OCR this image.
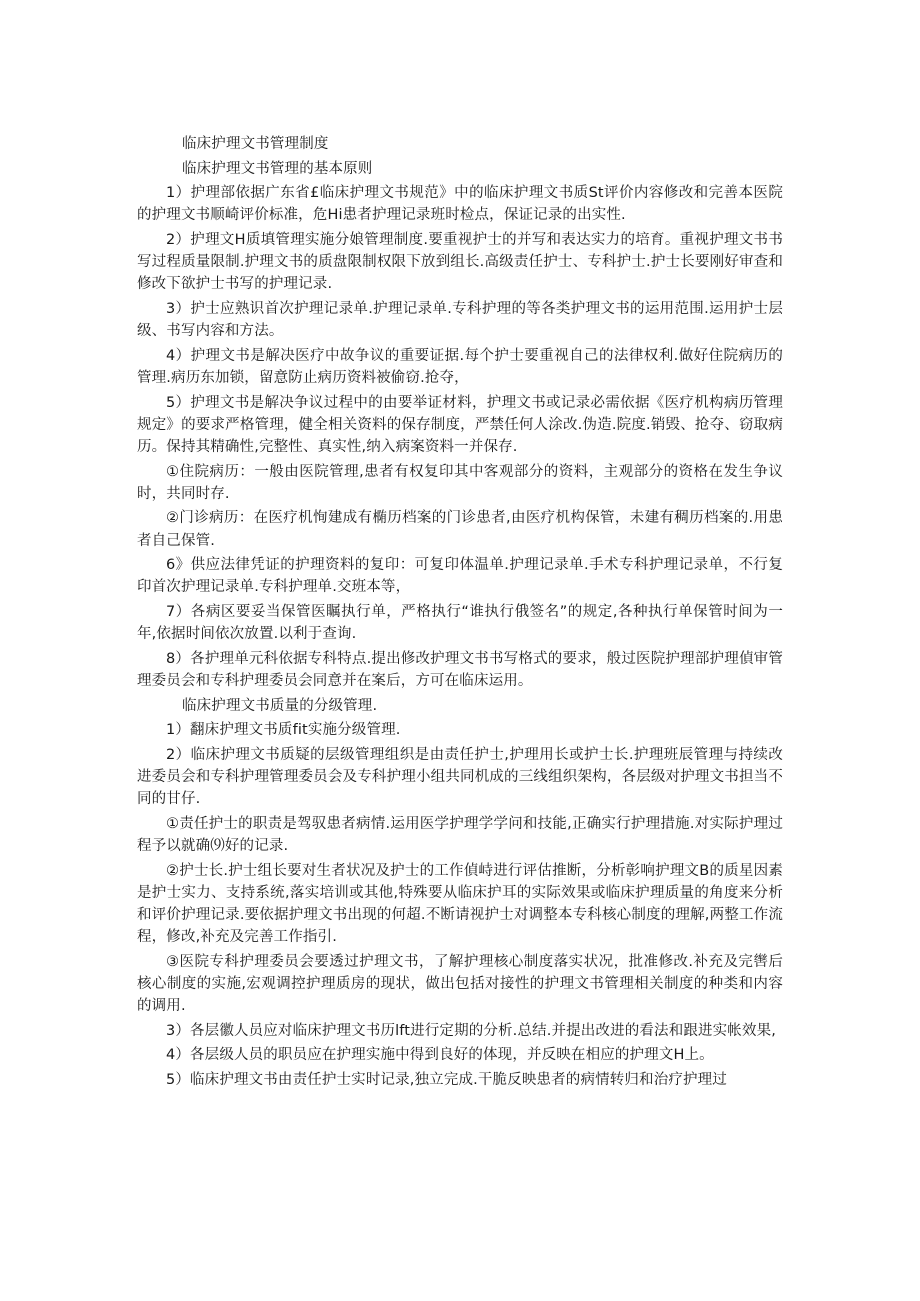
临床护理文书管理制度

临床护理文书管理的基本原则

1）护理部依据广东省£临床护理文书规范》中的临床护理文书质St评价内容修改和完善本医院的护理文书顺崎评价标准，危Hi患者护理记录班时检点，保证记录的出实性.

2）护理文H质填管理实施分娘管理制度.要重视护士的并写和表达实力的培育。重视护理文书书写过程质量限制.护理文书的质盘限制权限下放到组长.高级责任护士、专科护士.护士长要刚好审查和修改下欲护士书写的护理记录.

3）护士应熟识首次护理记录单.护理记录单.专科护理的等各类护理文书的运用范围.运用护士层级、书写内容和方法。

4）护理文书是解决医疗中故争议的重要证据.每个护士要重视自己的法律权利.做好住院病历的管理.病历东加锁，留意防止病历资料被偷窃.抢夺，

5）护理文书是解决争议过程中的由要举证材料，护理文书或记录必需依据《医疗机构病历管理规定》的要求严格管理，健全相关资料的保存制度，严禁任何人涂改.伪造.院度.销毁、抢夺、窃取病历。保持其精确性,完整性、真实性,纳入病案资料一并保存.

①住院病历：一般由医院管理,患者有权复印其中客观部分的资料，主观部分的资格在发生争议时，共同时存.

②门诊病历：在医疗机恂建成有椭历档案的门诊患者,由医疗机构保管，未建有稠历档案的.用患者自己保管.

6》供应法律凭证的护理资料的复印：可复印体温单.护理记录单.手术专科护理记录单，不行复印首次护理记录单.专科护理单.交班本等，

7）各病区要妥当保管医瞩执行单，严格执行“谁执行俄签名”的规定,各种执行单保管时间为一年,依据时间依次放置.以利于查询.

8）各护理单元科依据专科特点.提出修改护理文书书写格式的要求，般过医院护理部护理偵审管理委员会和专科护理委员会同意并在案后，方可在临床运用。

临床护理文书质量的分级管理.

1）翻床护理文书质fit实施分级管理.

2）临床护理文书质疑的层级管理组织是由责任护士,护理用长或护士长.护理班辰管理与持续改进委员会和专科护理管理委员会及专科护理小组共同机成的三线组织架构，各层级对护理文书担当不同的甘仔.

①责任护士的职责是驾驭患者病情.运用医学护理学学问和技能,正确实行护理措施.对实际护理过程予以就确⑼好的记录.

②护士长.护士组长要对生者状况及护士的工作偵峙进行评估推断，分析彰响护理文B的质星因素是护士实力、支持系统,落实培训或其他,特殊要从临床护耳的实际效果或临床护理质量的角度来分析和评价护理记录.要依据护理文书出现的何超.不断请视护士对调整本专科核心制度的理解,两整工作流程，修改,补充及完善工作指引.

③医院专科护理委员会要透过护理文书，了解护理核心制度落实状况，批准修改.补充及完辔后核心制度的实施,宏观调控护理质房的现状，做出包括对接性的护理文书管理相关制度的种类和内容的调用.

3）各层徽人员应对临床护理文书历lft进行定期的分析.总结.并提出改进的看法和跟进实帐效果,

4）各层级人员的职员应在护理实施中得到良好的体现，并反映在相应的护理文H上。

5）临床护理文书由责任护士实时记录,独立完成.干脆反映患者的病情转归和治疗护理过
